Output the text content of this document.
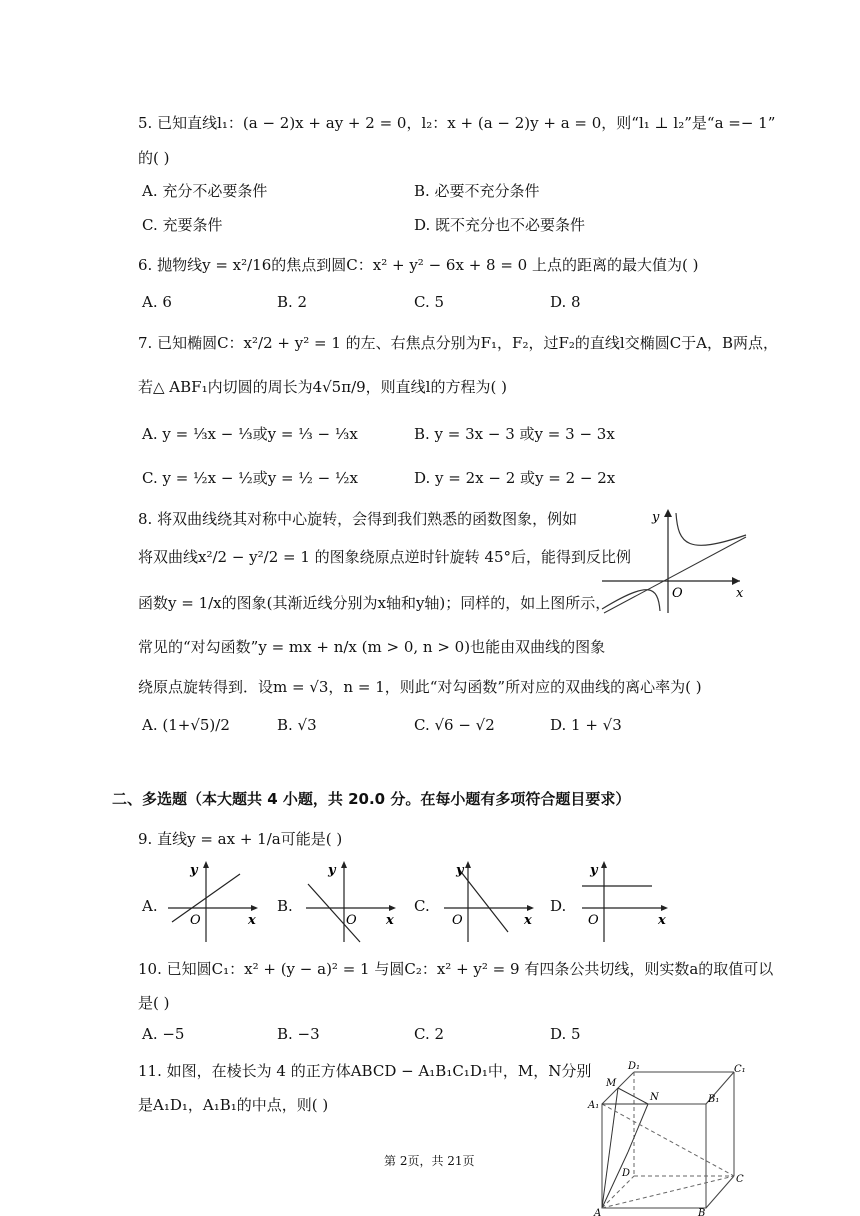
5. 已知直线l₁：(a − 2)x + ay + 2 = 0，l₂：x + (a − 2)y + a = 0，则“l₁ ⊥ l₂”是“a =− 1”
的( )
A. 充分不必要条件	B. 必要不充分条件
C. 充要条件	D. 既不充分也不必要条件
6. 抛物线y = x²/16的焦点到圆C：x² + y² − 6x + 8 = 0 上点的距离的最大值为( )
A. 6	B. 2	C. 5	D. 8
7. 已知椭圆C：x²/2 + y² = 1 的左、右焦点分别为F₁，F₂，过F₂的直线l交椭圆C于A，B两点，
若△ ABF₁内切圆的周长为4√5π/9，则直线l的方程为( )
A. y = ⅓x − ⅓或y = ⅓ − ⅓x	B. y = 3x − 3 或y = 3 − 3x
C. y = ½x − ½或y = ½ − ½x	D. y = 2x − 2 或y = 2 − 2x
8. 将双曲线绕其对称中心旋转，会得到我们熟悉的函数图象，例如
将双曲线x²/2 − y²/2 = 1 的图象绕原点逆时针旋转 45°后，能得到反比例
函数y = 1/x的图象(其渐近线分别为x轴和y轴)；同样的，如上图所示，
常见的“对勾函数”y = mx + n/x (m > 0, n > 0)也能由双曲线的图象
绕原点旋转得到．设m = √3，n = 1，则此“对勾函数”所对应的双曲线的离心率为( )
A. (1+√5)/2	B. √3	C. √6 − √2	D. 1 + √3
y
x
O
二、多选题（本大题共 4 小题，共 20.0 分。在每小题有多项符合题目要求）
9. 直线y = ax + 1/a可能是( )
A.
y
x
O
B.
y
x
O
C.
y
x
O
D.
y
x
O
10. 已知圆C₁：x² + (y − a)² = 1 与圆C₂：x² + y² = 9 有四条公共切线，则实数a的取值可以
是( )
A. −5	B. −3	C. 2	D. 5
11. 如图，在棱长为 4 的正方体ABCD − A₁B₁C₁D₁中，M，N分别
是A₁D₁，A₁B₁的中点，则( )
D₁	C₁
M
A₁
N	B₁
D
C
A	B
第 2页，共 21页
